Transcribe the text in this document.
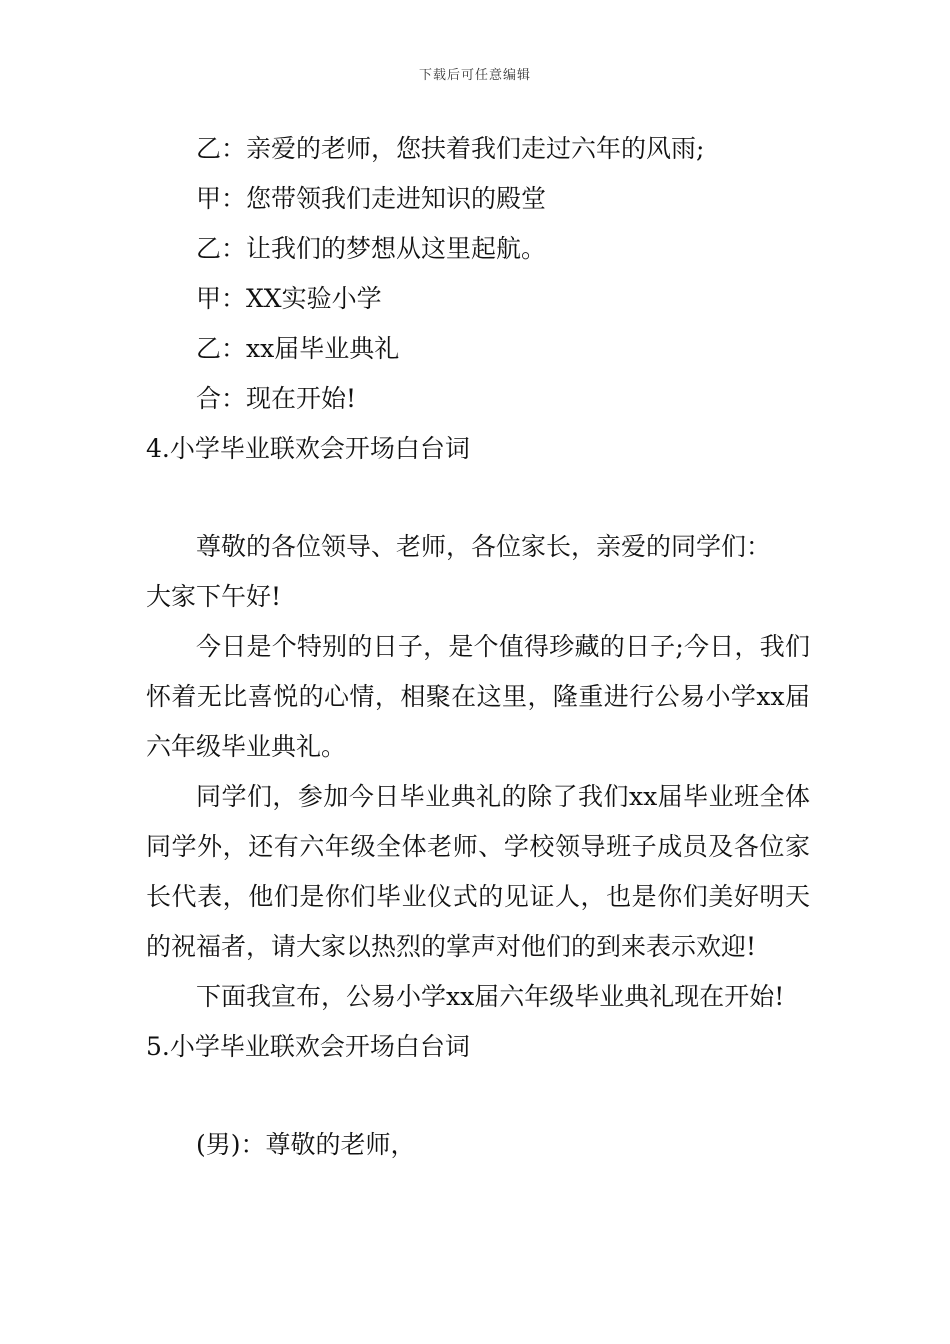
下载后可任意编辑

乙：亲爱的老师，您扶着我们走过六年的风雨;

甲：您带领我们走进知识的殿堂

乙：让我们的梦想从这里起航。

甲：XX实验小学

乙：xx届毕业典礼

合：现在开始!

4.小学毕业联欢会开场白台词

尊敬的各位领导、老师，各位家长，亲爱的同学们：

大家下午好!

今日是个特别的日子，是个值得珍藏的日子;今日，我们怀着无比喜悦的心情，相聚在这里，隆重进行公易小学xx届六年级毕业典礼。

同学们，参加今日毕业典礼的除了我们xx届毕业班全体同学外，还有六年级全体老师、学校领导班子成员及各位家长代表，他们是你们毕业仪式的见证人，也是你们美好明天的祝福者，请大家以热烈的掌声对他们的到来表示欢迎!

下面我宣布，公易小学xx届六年级毕业典礼现在开始!

5.小学毕业联欢会开场白台词

(男)：尊敬的老师，
